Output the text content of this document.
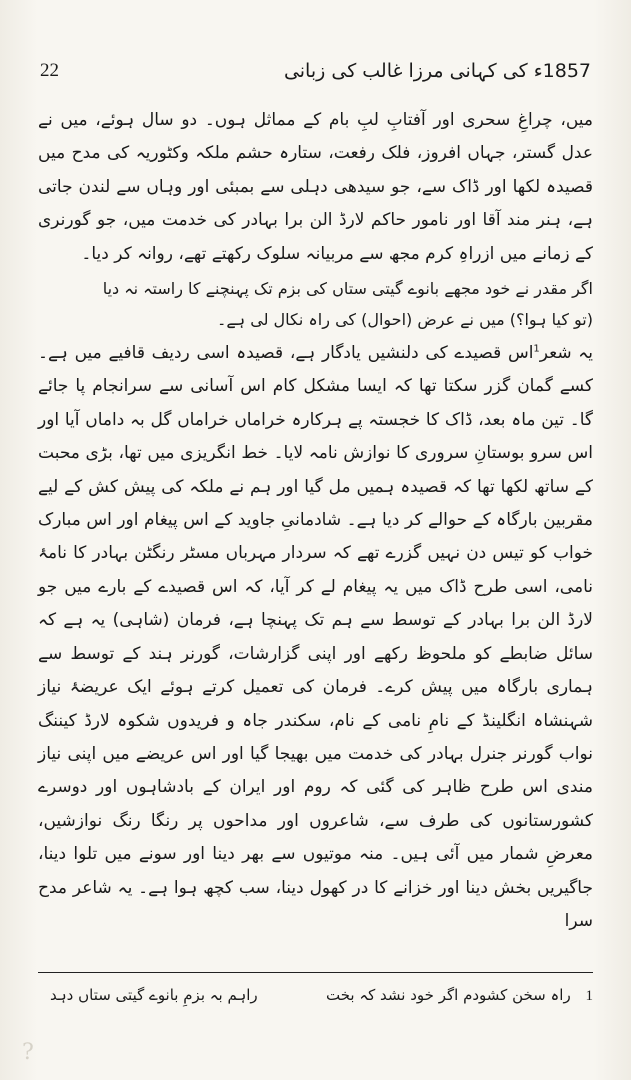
1857ء کی کہانی مرزا غالب کی زبانی
22

میں، چراغِ سحری اور آفتابِ لبِ بام کے مماثل ہوں۔ دو سال ہوئے، میں نے عدل گستر، جہاں افروز، فلک رفعت، ستارہ حشم ملکہ وکٹوریہ کی مدح میں قصیدہ لکھا اور ڈاک سے، جو سیدھی دہلی سے بمبئی اور وہاں سے لندن جاتی ہے، ہنر مند آقا اور نامور حاکم لارڈ الن برا بہادر کی خدمت میں، جو گورنری کے زمانے میں ازراہِ کرم مجھ سے مربیانہ سلوک رکھتے تھے، روانہ کر دیا۔

اگر مقدر نے خود مجھے بانوے گیتی ستاں کی بزم تک پہنچنے کا راستہ نہ دیا
(تو کیا ہوا؟) میں نے عرض (احوال) کی راہ نکال لی ہے۔

یہ شعر$^1$اس قصیدے کی دلنشیں یادگار ہے، قصیدہ اسی ردیف قافیے میں ہے۔ کسے گمان گزر سکتا تھا کہ ایسا مشکل کام اس آسانی سے سرانجام پا جائے گا۔ تین ماہ بعد، ڈاک کا خجستہ پے ہرکارہ خراماں خراماں گل بہ داماں آیا اور اس سرو بوستانِ سروری کا نوازش نامہ لایا۔ خط انگریزی میں تھا، بڑی محبت کے ساتھ لکھا تھا کہ قصیدہ ہمیں مل گیا اور ہم نے ملکہ کی پیش کش کے لیے مقربین بارگاہ کے حوالے کر دیا ہے۔ شادمانیِ جاوید کے اس پیغام اور اس مبارک خواب کو تیس دن نہیں گزرے تھے کہ سردار مہرباں مسٹر رنگٹن بہادر کا نامۂ نامی، اسی طرح ڈاک میں یہ پیغام لے کر آیا، کہ اس قصیدے کے بارے میں جو لارڈ الن برا بہادر کے توسط سے ہم تک پہنچا ہے، فرمان (شاہی) یہ ہے کہ سائل ضابطے کو ملحوظ رکھے اور اپنی گزارشات، گورنر ہند کے توسط سے ہماری بارگاہ میں پیش کرے۔ فرمان کی تعمیل کرتے ہوئے ایک عریضۂ نیاز شہنشاہ انگلینڈ کے نامِ نامی کے نام، سکندر جاہ و فریدوں شکوہ لارڈ کیننگ نواب گورنر جنرل بہادر کی خدمت میں بھیجا گیا اور اس عریضے میں اپنی نیاز مندی اس طرح ظاہر کی گئی کہ روم اور ایران کے بادشاہوں اور دوسرے کشورستانوں کی طرف سے، شاعروں اور مداحوں پر رنگا رنگ نوازشیں، معرضِ شمار میں آئی ہیں۔ منہ موتیوں سے بھر دینا اور سونے میں تلوا دینا، جاگیریں بخش دینا اور خزانے کا در کھول دینا، سب کچھ ہوا ہے۔ یہ شاعر مدح سرا

1 راہ سخن کشودم اگر خود نشد کہ بخت
راہم بہ بزمِ بانوے گیتی ستاں دہد
?
